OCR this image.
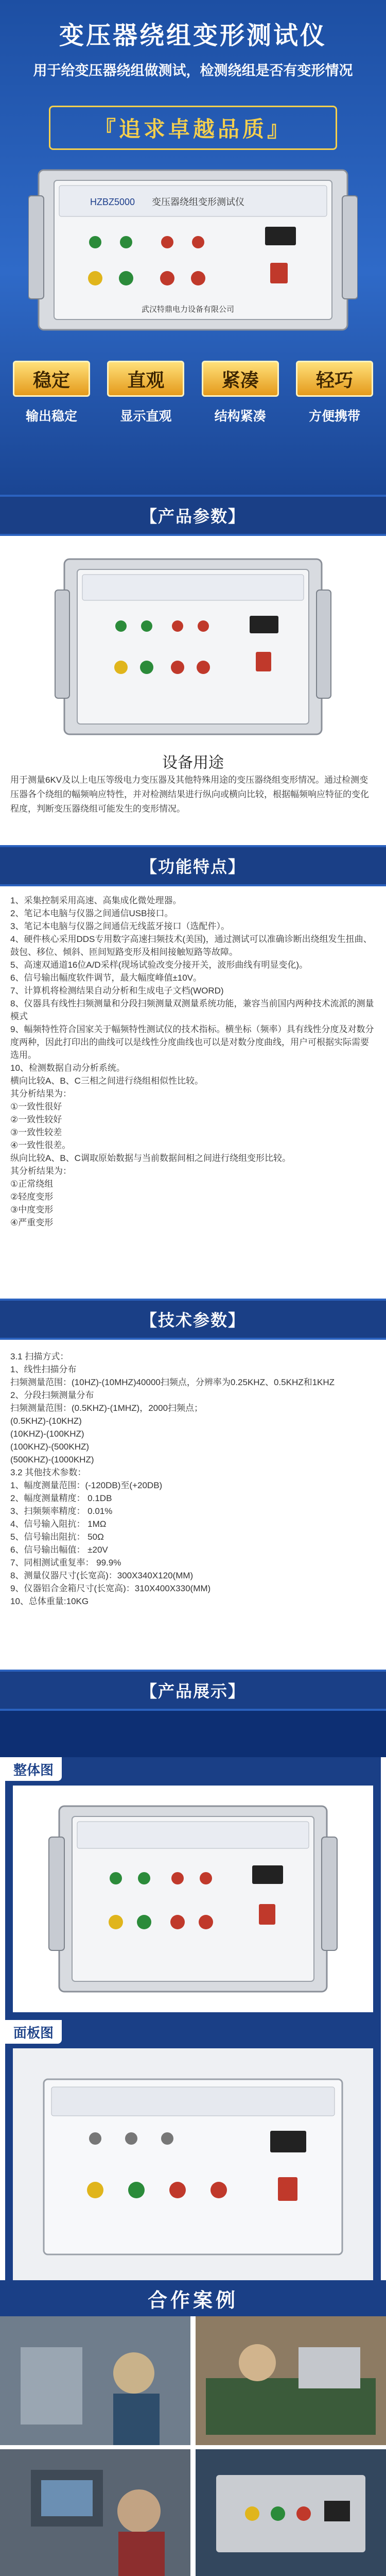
变压器绕组变形测试仪
用于给变压器绕组做测试，检测绕组是否有变形情况
『追求卓越品质』
HZBZ5000 变压器绕组变形测试仪
武汉特鼎电力设备有限公司
稳定
输出稳定
直观
显示直观
紧凑
结构紧凑
轻巧
方便携带
【产品参数】
设备用途
用于测量6KV及以上电压等级电力变压器及其他特殊用途的变压器绕组变形情况。通过检测变压器各个绕组的幅频响应特性，并对检测结果进行纵向或横向比较，根据幅频响应特征的变化程度，判断变压器绕组可能发生的变形情况。
【功能特点】
1、采集控制采用高速、高集成化微处理器。
2、笔记本电脑与仪器之间通信USB接口。
3、笔记本电脑与仪器之间通信无线蓝牙接口（选配件）。
4、硬件核心采用DDS专用数字高速扫频技术(美国)，通过测试可以准确诊断出绕组发生扭曲、鼓包、移位、倾斜、匝间短路变形及相间接触短路等故障。
5、高速双通道16位A/D采样(现场试验改变分接开关，波形曲线有明显变化)。
6、信号输出幅度软件调节，最大幅度峰值±10V。
7、计算机将检测结果自动分析和生成电子文档(WORD)
8、仪器具有线性扫频测量和分段扫频测量双测量系统功能，兼容当前国内两种技术流派的测量模式
9、幅频特性符合国家关于幅频特性测试仪的技术指标。横坐标（频率）具有线性分度及对数分度两种，因此打印出的曲线可以是线性分度曲线也可以是对数分度曲线，用户可根据实际需要选用。
10、检测数据自动分析系统。
横向比较A、B、C三相之间进行绕组相似性比较。
其分析结果为：
①一致性很好
②一致性较好
③一致性较差
④一致性很差。
纵向比较A、B、C调取原始数据与当前数据间相之间进行绕组变形比较。
其分析结果为：
①正常绕组
②轻度变形
③中度变形
④严重变形
【技术参数】
3.1 扫描方式：
1、线性扫描分布
扫频测量范围：(10HZ)-(10MHZ)40000扫频点，分辨率为0.25KHZ、0.5KHZ和1KHZ
2、分段扫频测量分布
扫频测量范围：(0.5KHZ)-(1MHZ)，2000扫频点；
(0.5KHZ)-(10KHZ)
(10KHZ)-(100KHZ)
(100KHZ)-(500KHZ)
(500KHZ)-(1000KHZ)
3.2 其他技术参数：
1、幅度测量范围：(-120DB)至(+20DB)
2、幅度测量精度： 0.1DB
3、扫频频率精度： 0.01%
4、信号输入阻抗： 1MΩ
5、信号输出阻抗： 50Ω
6、信号输出幅值： ±20V
7、同相测试重复率： 99.9%
8、测量仪器尺寸(长宽高)：300X340X120(MM)
9、仪器铝合金箱尺寸(长宽高)：310X400X330(MM)
10、总体重量:10KG
【产品展示】
整体图
面板图
合作案例
